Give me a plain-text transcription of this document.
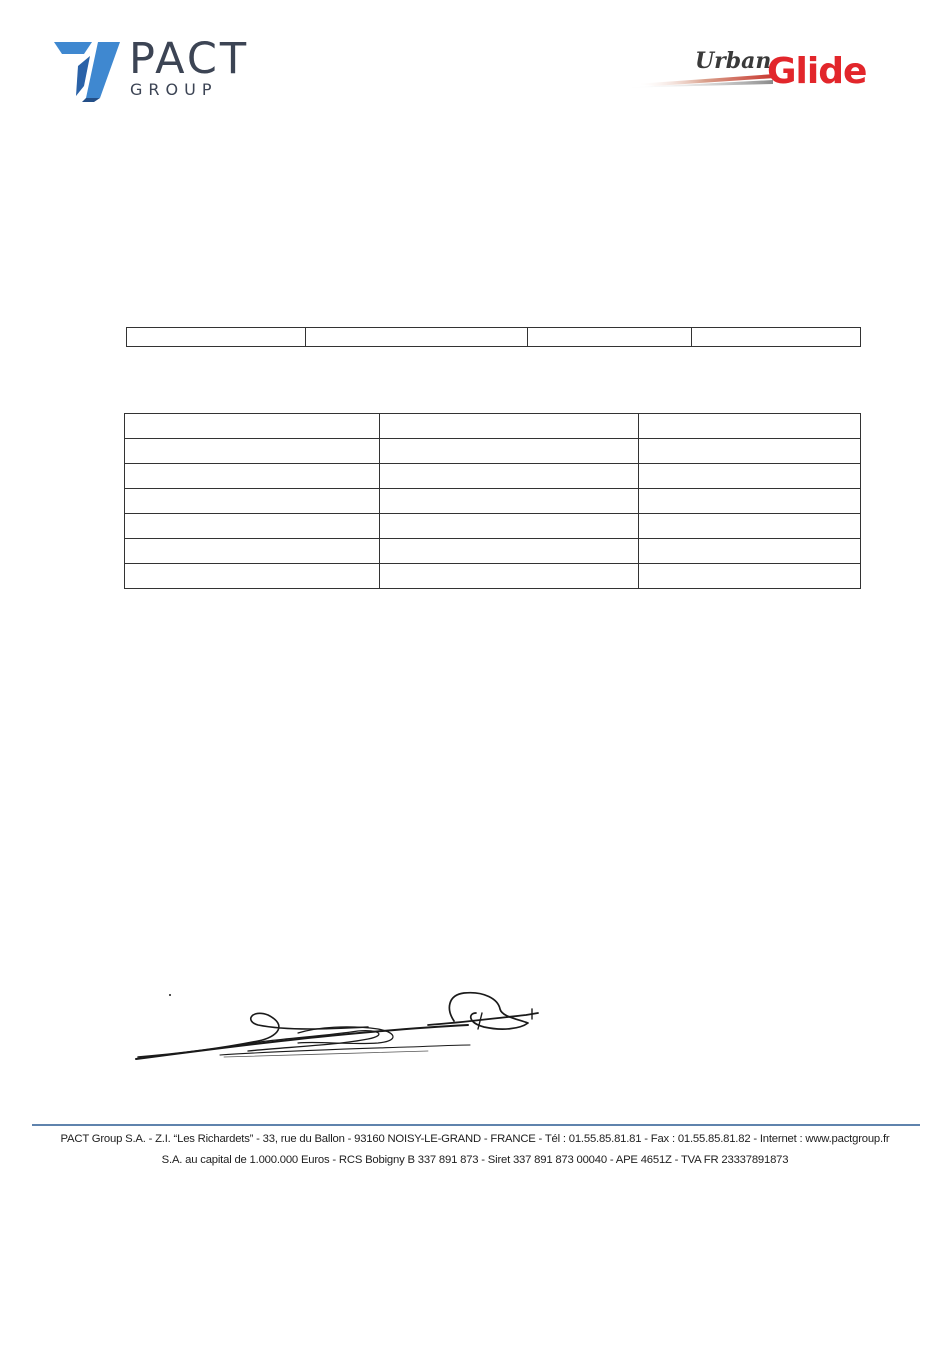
PACT
GROUP
Urban
Glide

PACT Group S.A. - Z.I. “Les Richardets” - 33, rue du Ballon - 93160 NOISY-LE-GRAND - FRANCE - Tél : 01.55.85.81.81 - Fax : 01.55.85.81.82 - Internet : www.pactgroup.fr
S.A. au capital de 1.000.000 Euros - RCS Bobigny B 337 891 873 - Siret 337 891 873 00040 - APE 4651Z - TVA FR 23337891873
